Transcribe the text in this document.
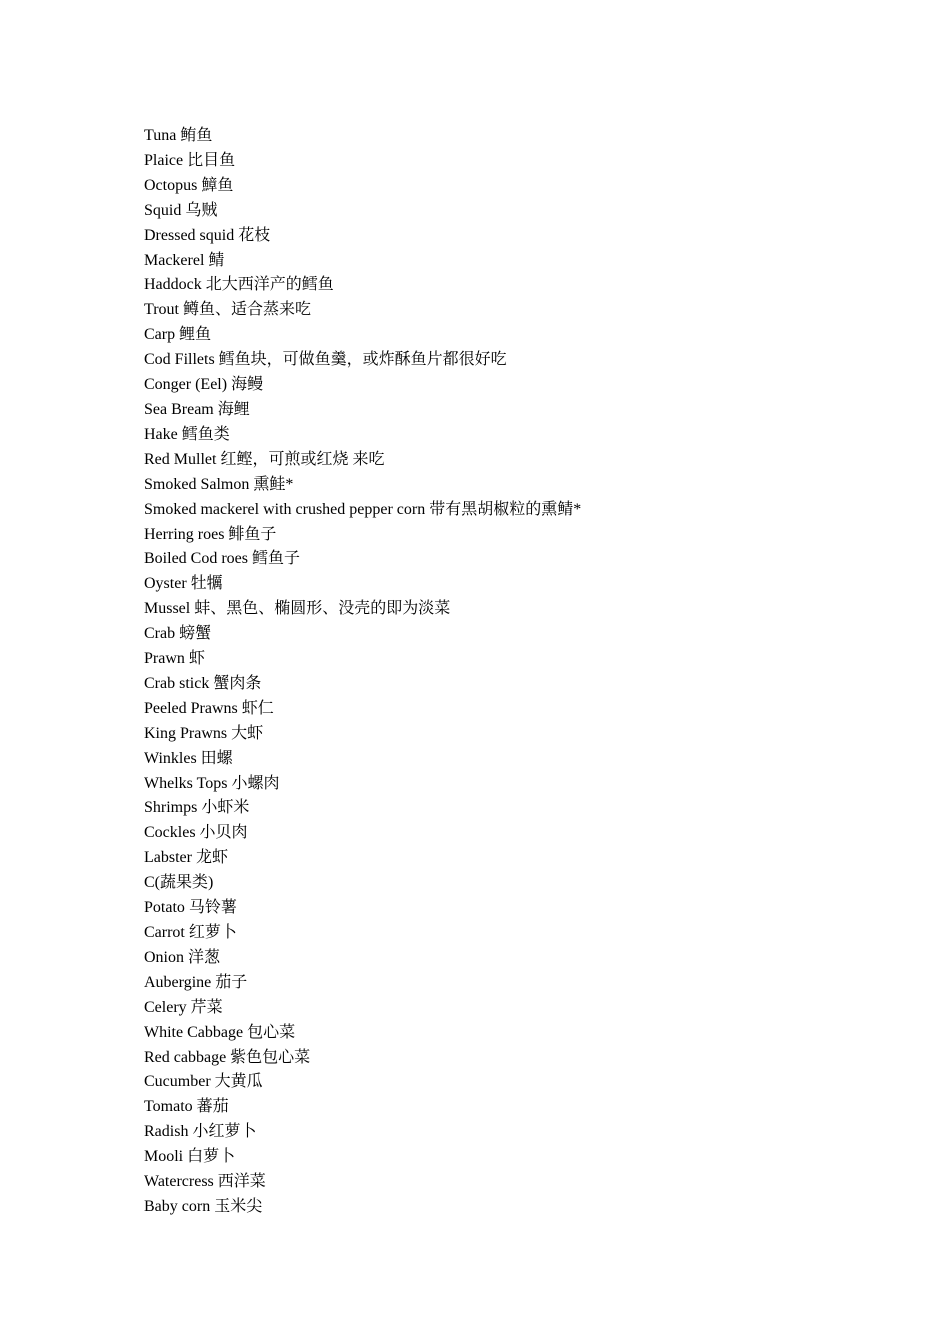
Tuna 鲔鱼
Plaice 比目鱼
Octopus 鱆鱼
Squid 乌贼
Dressed squid 花枝
Mackerel 鲭
Haddock 北大西洋产的鳕鱼
Trout 鳟鱼、适合蒸来吃
Carp 鲤鱼
Cod Fillets 鳕鱼块，可做鱼羹，或炸酥鱼片都很好吃
Conger (Eel) 海鳗
Sea Bream 海鲤
Hake 鳕鱼类
Red Mullet 红鲣，可煎或红烧 来吃
Smoked Salmon 熏鲑*
Smoked mackerel with crushed pepper corn 带有黑胡椒粒的熏鲭*
Herring roes 鲱鱼子
Boiled Cod roes 鳕鱼子
Oyster 牡犡
Mussel 蚌、黑色、椭圆形、没壳的即为淡菜
Crab 螃蟹
Prawn 虾
Crab stick 蟹肉条
Peeled Prawns 虾仁
King Prawns 大虾
Winkles 田螺
Whelks Tops 小螺肉
Shrimps 小虾米
Cockles 小贝肉
Labster 龙虾
C(蔬果类)
Potato 马铃薯
Carrot 红萝卜
Onion 洋葱
Aubergine 茄子
Celery 芹菜
White Cabbage 包心菜
Red cabbage 紫色包心菜
Cucumber 大黄瓜
Tomato 蕃茄
Radish 小红萝卜
Mooli 白萝卜
Watercress 西洋菜
Baby corn 玉米尖
